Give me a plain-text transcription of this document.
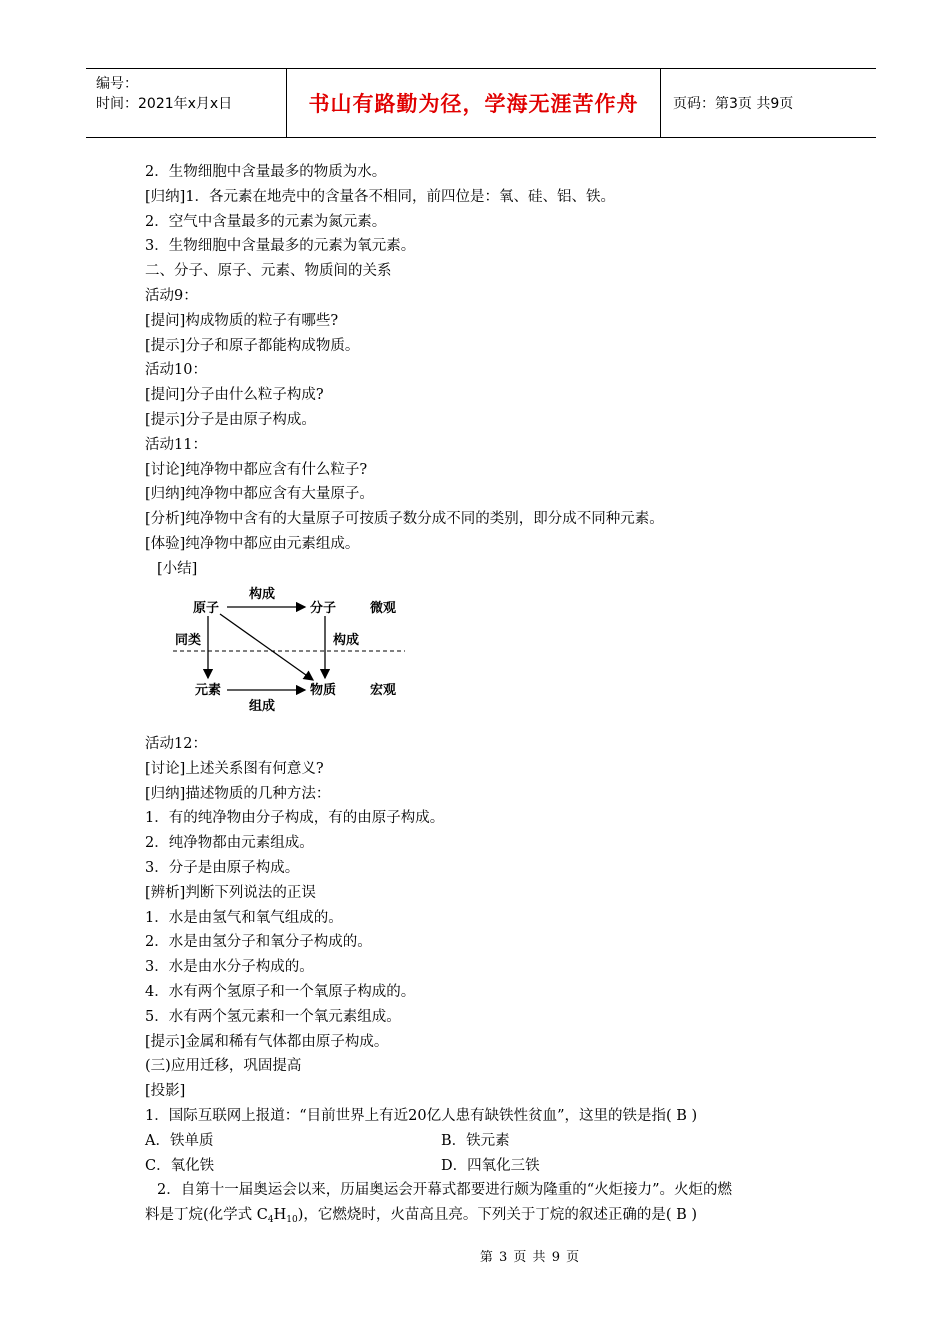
编号：
时间：2021年x月x日	书山有路勤为径，学海无涯苦作舟	页码：第3页 共9页
2．生物细胞中含量最多的物质为水。
[归纳]1．各元素在地壳中的含量各不相同，前四位是：氧、硅、铝、铁。
2．空气中含量最多的元素为氮元素。
3．生物细胞中含量最多的元素为氧元素。
二、分子、原子、元素、物质间的关系
活动9：
[提问]构成物质的粒子有哪些?
[提示]分子和原子都能构成物质。
活动10：
[提问]分子由什么粒子构成?
[提示]分子是由原子构成。
活动11：
[讨论]纯净物中都应含有什么粒子?
[归纳]纯净物中都应含有大量原子。
[分析]纯净物中含有的大量原子可按质子数分成不同的类别，即分成不同种元素。
[体验]纯净物中都应由元素组成。
[小结]
原子	分子
元素	物质
构成
构成
同类
组成
微观
宏观
活动12：
[讨论]上述关系图有何意义?
[归纳]描述物质的几种方法：
1．有的纯净物由分子构成，有的由原子构成。
2．纯净物都由元素组成。
3．分子是由原子构成。
[辨析]判断下列说法的正误
1．水是由氢气和氧气组成的。
2．水是由氢分子和氧分子构成的。
3．水是由水分子构成的。
4．水有两个氢原子和一个氧原子构成的。
5．水有两个氢元素和一个氧元素组成。
[提示]金属和稀有气体都由原子构成。
(三)应用迁移，巩固提高
[投影]
1．国际互联网上报道：“目前世界上有近20亿人患有缺铁性贫血”，这里的铁是指( B )
A．铁单质	B．铁元素
C．氧化铁	D．四氧化三铁
2．自第十一届奥运会以来，历届奥运会开幕式都要进行颇为隆重的“火炬接力”。火炬的燃
料是丁烷(化学式 $C_4H_{10}$)，它燃烧时，火苗高且亮。下列关于丁烷的叙述正确的是( B )
第 3 页 共 9 页
